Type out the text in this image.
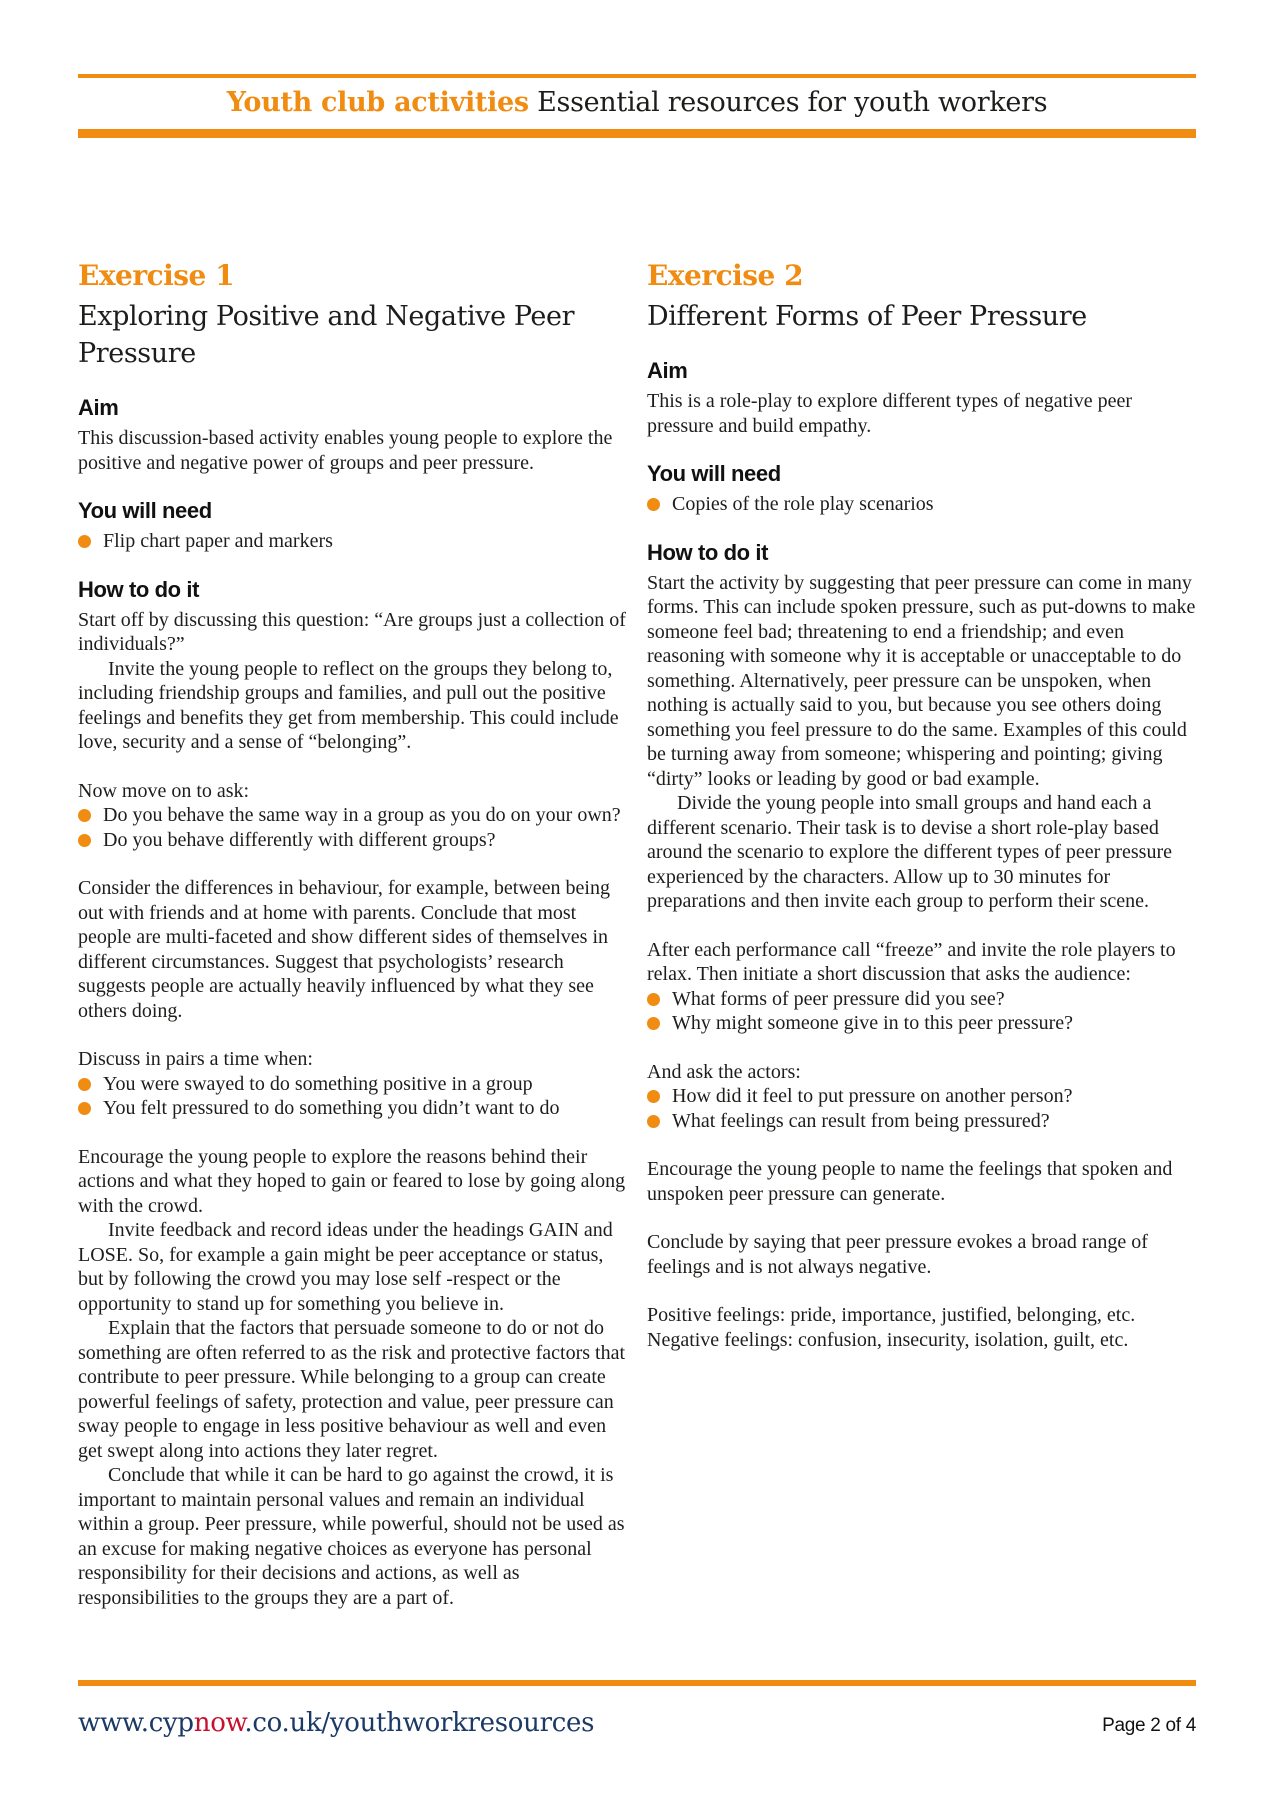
Youth club activities Essential resources for youth workers
Exercise 1
Exploring Positive and Negative Peer Pressure
Aim
This discussion-based activity enables young people to explore the positive and negative power of groups and peer pressure.
You will need
Flip chart paper and markers
How to do it
Start off by discussing this question: “Are groups just a collection of individuals?”
Invite the young people to reflect on the groups they belong to, including friendship groups and families, and pull out the positive feelings and benefits they get from membership. This could include love, security and a sense of “belonging”.
Now move on to ask:
Do you behave the same way in a group as you do on your own?
Do you behave differently with different groups?
Consider the differences in behaviour, for example, between being out with friends and at home with parents. Conclude that most people are multi-faceted and show different sides of themselves in different circumstances. Suggest that psychologists’ research suggests people are actually heavily influenced by what they see others doing.
Discuss in pairs a time when:
You were swayed to do something positive in a group
You felt pressured to do something you didn’t want to do
Encourage the young people to explore the reasons behind their actions and what they hoped to gain or feared to lose by going along with the crowd.
Invite feedback and record ideas under the headings GAIN and LOSE. So, for example a gain might be peer acceptance or status, but by following the crowd you may lose self -respect or the opportunity to stand up for something you believe in.
Explain that the factors that persuade someone to do or not do something are often referred to as the risk and protective factors that contribute to peer pressure. While belonging to a group can create powerful feelings of safety, protection and value, peer pressure can sway people to engage in less positive behaviour as well and even get swept along into actions they later regret.
Conclude that while it can be hard to go against the crowd, it is important to maintain personal values and remain an individual within a group. Peer pressure, while powerful, should not be used as an excuse for making negative choices as everyone has personal responsibility for their decisions and actions, as well as responsibilities to the groups they are a part of.
Exercise 2
Different Forms of Peer Pressure
Aim
This is a role-play to explore different types of negative peer pressure and build empathy.
You will need
Copies of the role play scenarios
How to do it
Start the activity by suggesting that peer pressure can come in many forms. This can include spoken pressure, such as put-downs to make someone feel bad; threatening to end a friendship; and even reasoning with someone why it is acceptable or unacceptable to do something. Alternatively, peer pressure can be unspoken, when nothing is actually said to you, but because you see others doing something you feel pressure to do the same. Examples of this could be turning away from someone; whispering and pointing; giving “dirty” looks or leading by good or bad example.
Divide the young people into small groups and hand each a different scenario. Their task is to devise a short role-play based around the scenario to explore the different types of peer pressure experienced by the characters. Allow up to 30 minutes for preparations and then invite each group to perform their scene.
After each performance call “freeze” and invite the role players to relax. Then initiate a short discussion that asks the audience:
What forms of peer pressure did you see?
Why might someone give in to this peer pressure?
And ask the actors:
How did it feel to put pressure on another person?
What feelings can result from being pressured?
Encourage the young people to name the feelings that spoken and unspoken peer pressure can generate.
Conclude by saying that peer pressure evokes a broad range of feelings and is not always negative.
Positive feelings: pride, importance, justified, belonging, etc.
Negative feelings: confusion, insecurity, isolation, guilt, etc.
www.cypnow.co.uk/youthworkresources	Page 2 of 4
